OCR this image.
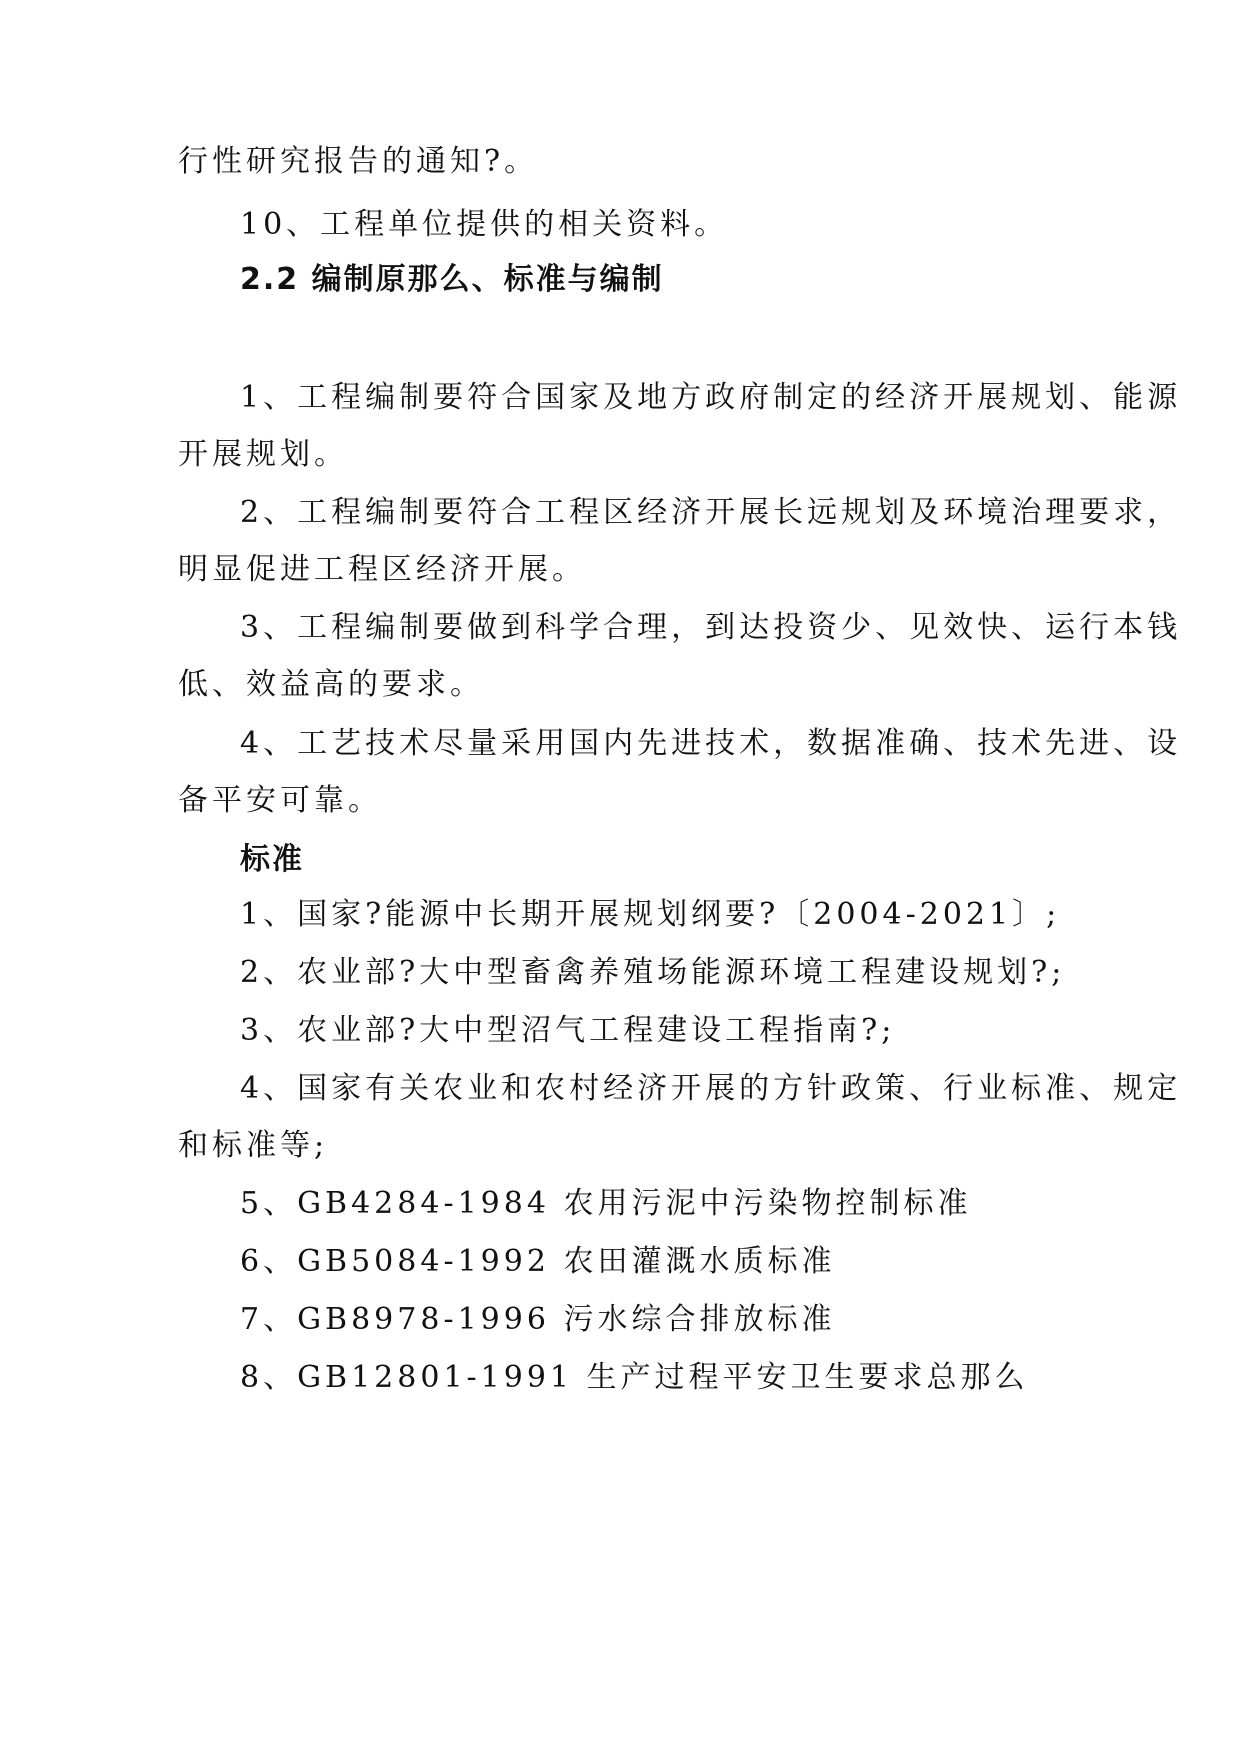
行性研究报告的通知?。

10、工程单位提供的相关资料。

2.2 编制原那么、标准与编制

1、工程编制要符合国家及地方政府制定的经济开展规划、能源

开展规划。

2、工程编制要符合工程区经济开展长远规划及环境治理要求，

明显促进工程区经济开展。

3、工程编制要做到科学合理，到达投资少、见效快、运行本钱

低、效益高的要求。

4、工艺技术尽量采用国内先进技术，数据准确、技术先进、设

备平安可靠。

标准

1、国家?能源中长期开展规划纲要?〔2004-2021〕;

2、农业部?大中型畜禽养殖场能源环境工程建设规划?;

3、农业部?大中型沼气工程建设工程指南?;

4、国家有关农业和农村经济开展的方针政策、行业标准、规定

和标准等;

5、GB4284-1984 农用污泥中污染物控制标准

6、GB5084-1992 农田灌溉水质标准

7、GB8978-1996 污水综合排放标准

8、GB12801-1991 生产过程平安卫生要求总那么
